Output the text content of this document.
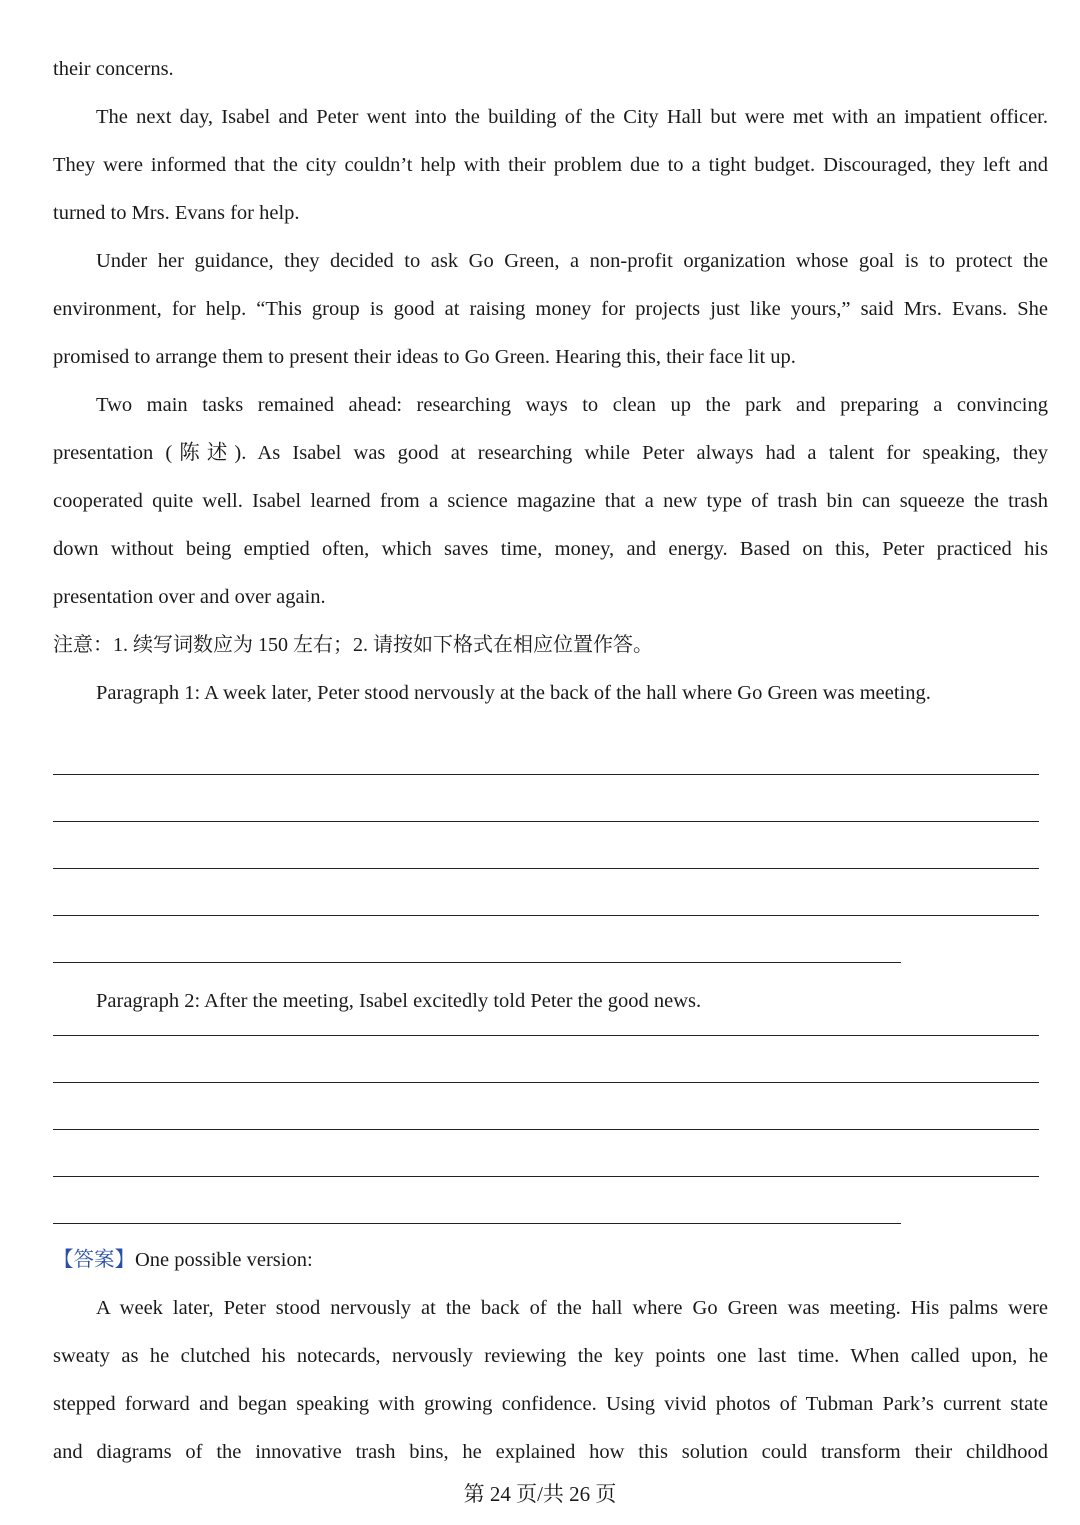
their concerns.
The next day, Isabel and Peter went into the building of the City Hall but were met with an impatient officer.
They were informed that the city couldn’t help with their problem due to a tight budget. Discouraged, they left and
turned to Mrs. Evans for help.
Under her guidance, they decided to ask Go Green, a non-profit organization whose goal is to protect the
environment, for help. “This group is good at raising money for projects just like yours,” said Mrs. Evans. She
promised to arrange them to present their ideas to Go Green. Hearing this, their face lit up.
Two main tasks remained ahead: researching ways to clean up the park and preparing a convincing
presentation (陈述). As Isabel was good at researching while Peter always had a talent for speaking, they
cooperated quite well. Isabel learned from a science magazine that a new type of trash bin can squeeze the trash
down without being emptied often, which saves time, money, and energy. Based on this, Peter practiced his
presentation over and over again.
注意：1. 续写词数应为 150 左右；2. 请按如下格式在相应位置作答。
Paragraph 1: A week later, Peter stood nervously at the back of the hall where Go Green was meeting.
Paragraph 2: After the meeting, Isabel excitedly told Peter the good news.
【答案】One possible version:
A week later, Peter stood nervously at the back of the hall where Go Green was meeting. His palms were
sweaty as he clutched his notecards, nervously reviewing the key points one last time. When called upon, he
stepped forward and began speaking with growing confidence. Using vivid photos of Tubman Park’s current state
and diagrams of the innovative trash bins, he explained how this solution could transform their childhood
第 24 页/共 26 页
